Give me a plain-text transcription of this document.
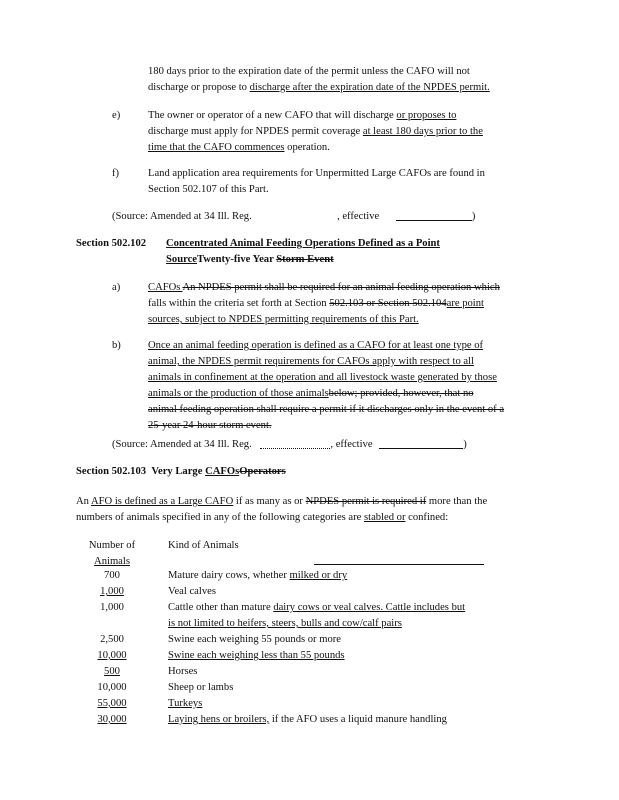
180 days prior to the expiration date of the permit unless the CAFO will not
discharge or propose to discharge after the expiration date of the NPDES permit.
e)	The owner or operator of a new CAFO that will discharge or proposes to
discharge must apply for NPDES permit coverage at least 180 days prior to the
time that the CAFO commences operation.
f)	Land application area requirements for Unpermitted Large CAFOs are found in
Section 502.107 of this Part.
(Source: Amended at 34 Ill. Reg.	, effective	)
Section 502.102 Concentrated Animal Feeding Operations Defined as a Point
SourceTwenty-five Year Storm Event
a)	CAFOs An NPDES permit shall be required for an animal feeding operation which
falls within the criteria set forth at Section 502.103 or Section 502.104are point
sources, subject to NPDES permitting requirements of this Part.
b)	Once an animal feeding operation is defined as a CAFO for at least one type of
animal, the NPDES permit requirements for CAFOs apply with respect to all
animals in confinement at the operation and all livestock waste generated by those
animals or the production of those animalsbelow; provided, however, that no
animal feeding operation shall require a permit if it discharges only in the event of a
25-year 24-hour storm event.
(Source: Amended at 34 Ill. Reg.	, effective	)
Section 502.103 Very Large CAFOsOperators
An AFO is defined as a Large CAFO if as many as or NPDES permit is required if more than the
numbers of animals specified in any of the following categories are stabled or confined:
Number of
Animals
Kind of Animals
700	Mature dairy cows, whether milked or dry
1,000	Veal calves
1,000	Cattle other than mature dairy cows or veal calves. Cattle includes but
is not limited to heifers, steers, bulls and cow/calf pairs
2,500	Swine each weighing 55 pounds or more
10,000	Swine each weighing less than 55 pounds
500	Horses
10,000	Sheep or lambs
55,000	Turkeys
30,000	Laying hens or broilers, if the AFO uses a liquid manure handling
